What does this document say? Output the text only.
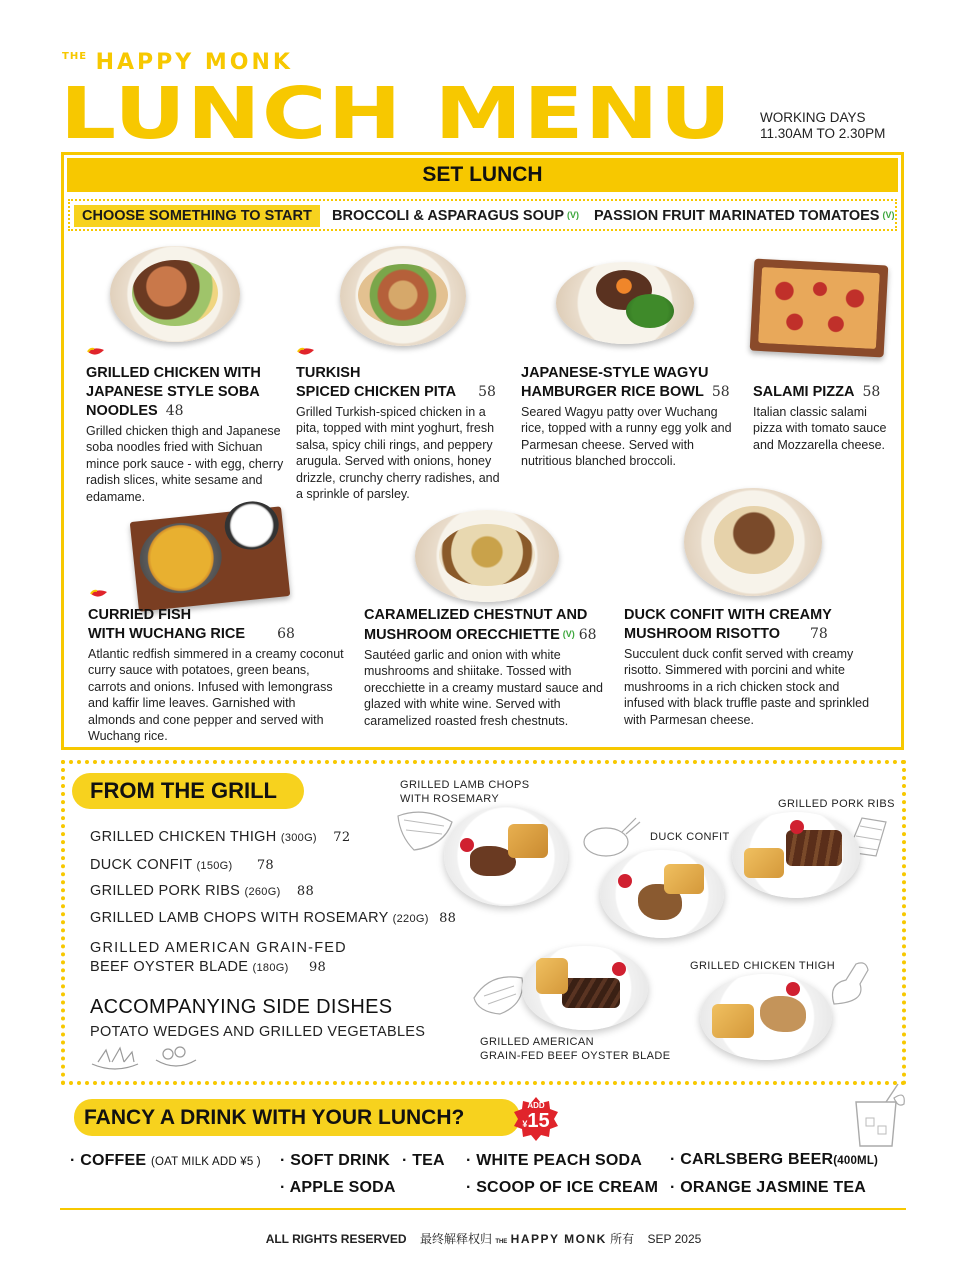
$^{THE}$ HAPPY MONK
LUNCH MENU WORKING DAYS
11.30AM TO 2.30PM
SET LUNCH
CHOOSE SOMETHING TO START	BROCCOLI & ASPARAGUS SOUP (V) PASSION FRUIT MARINATED TOMATOES (V)
GRILLED CHICKEN WITH
JAPANESE STYLE SOBA
NOODLES 48
Grilled chicken thigh and Japanese soba noodles fried with Sichuan mince pork sauce - with egg, cherry radish slices, white sesame and edamame.
TURKISH
SPICED CHICKEN PITA 58
Grilled Turkish-spiced chicken in a pita, topped with mint yoghurt, fresh salsa, spicy chili rings, and peppery arugula. Served with onions, honey drizzle, crunchy cherry radishes, and a sprinkle of parsley.
JAPANESE-STYLE WAGYU
HAMBURGER RICE BOWL 58
Seared Wagyu patty over Wuchang rice, topped with a runny egg yolk and Parmesan cheese. Served with nutritious blanched broccoli.
SALAMI PIZZA 58
Italian classic salami pizza with tomato sauce and Mozzarella cheese.
CURRIED FISH
WITH WUCHANG RICE 68
Atlantic redfish simmered in a creamy coconut curry sauce with potatoes, green beans, carrots and onions. Infused with lemongrass and kaffir lime leaves. Garnished with almonds and cone pepper and served with Wuchang rice.
CARAMELIZED CHESTNUT AND
MUSHROOM ORECCHIETTE (V) 68
Sautéed garlic and onion with white mushrooms and shiitake. Tossed with orecchiette in a creamy mustard sauce and glazed with white wine. Served with caramelized roasted fresh chestnuts.
DUCK CONFIT WITH CREAMY
MUSHROOM RISOTTO 78
Succulent duck confit served with creamy risotto. Simmered with porcini and white mushrooms in a rich chicken stock and infused with black truffle paste and sprinkled with Parmesan cheese.
FROM THE GRILL
GRILLED CHICKEN THIGH (300G) 72
DUCK CONFIT (150G) 78
GRILLED PORK RIBS (260G) 88
GRILLED LAMB CHOPS WITH ROSEMARY (220G) 88
GRILLED AMERICAN GRAIN-FED
BEEF OYSTER BLADE (180G) 98
ACCOMPANYING SIDE DISHES
POTATO WEDGES AND GRILLED VEGETABLES
GRILLED LAMB CHOPS
WITH ROSEMARY	GRILLED PORK RIBS
DUCK CONFIT
GRILLED CHICKEN THIGH
GRILLED AMERICAN
GRAIN-FED BEEF OYSTER BLADE
FANCY A DRINK WITH YOUR LUNCH?
ADD
¥15
· COFFEE (OAT MILK ADD ¥5 ) · SOFT DRINK · TEA
· APPLE SODA
· WHITE PEACH SODA
· SCOOP OF ICE CREAM
· CARLSBERG BEER(400ML)
· ORANGE JASMINE TEA
ALL RIGHTS RESERVED 最终解释权归 THE HAPPY MONK 所有 SEP 2025
